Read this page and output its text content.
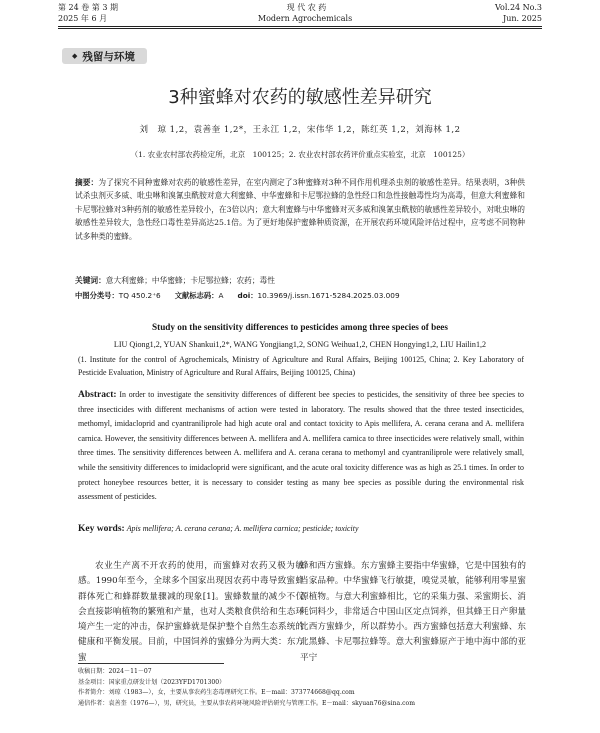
第 24 卷 第 3 期	现 代 农 药	Vol.24 No.3
2025 年 6 月	Modern Agrochemicals	Jun. 2025
◆ 残留与环境
3种蜜蜂对农药的敏感性差异研究
刘　琼 1,2，袁善奎 1,2*，王永江 1,2，宋伟华 1,2，陈红英 1,2，刘海林 1,2
（1. 农业农村部农药检定所，北京　100125；2. 农业农村部农药评价重点实验室，北京　100125）
摘要：为了探究不同种蜜蜂对农药的敏感性差异，在室内测定了3种蜜蜂对3种不同作用机理杀虫剂的敏感性差异。结果表明，3种供试杀虫剂灭多威、吡虫啉和溴氰虫酰胺对意大利蜜蜂、中华蜜蜂和卡尼鄂拉蜂的急性经口和急性接触毒性均为高毒，但意大利蜜蜂和卡尼鄂拉蜂对3种药剂的敏感性差异较小，在3倍以内；意大利蜜蜂与中华蜜蜂对灭多威和溴氰虫酰胺的敏感性差异较小，对吡虫啉的敏感性差异较大，急性经口毒性差异高达25.1倍。为了更好地保护蜜蜂种质资源，在开展农药环境风险评估过程中，应考虑不同物种试多种类的蜜蜂。
关键词：意大利蜜蜂；中华蜜蜂；卡尼鄂拉蜂；农药；毒性
中图分类号：TQ 450.2⁺6 文献标志码：A doi：10.3969/j.issn.1671-5284.2025.03.009
Study on the sensitivity differences to pesticides among three species of bees
LIU Qiong1,2, YUAN Shankui1,2*, WANG Yongjiang1,2, SONG Weihua1,2, CHEN Hongying1,2, LIU Hailin1,2
(1. Institute for the control of Agrochemicals, Ministry of Agriculture and Rural Affairs, Beijing 100125, China; 2. Key Laboratory of Pesticide Evaluation, Ministry of Agriculture and Rural Affairs, Beijing 100125, China)
Abstract: In order to investigate the sensitivity differences of different bee species to pesticides, the sensitivity of three bee species to three insecticides with different mechanisms of action were tested in laboratory. The results showed that the three tested insecticides, methomyl, imidacloprid and cyantraniliprole had high acute oral and contact toxicity to Apis mellifera, A. cerana cerana and A. mellifera carnica. However, the sensitivity differences between A. mellifera and A. mellifera carnica to three insecticides were relatively small, within three times. The sensitivity differences between A. mellifera and A. cerana cerana to methomyl and cyantraniliprole were relatively small, while the sensitivity differences to imidacloprid were significant, and the acute oral toxicity difference was as high as 25.1 times. In order to protect honeybee resources better, it is necessary to consider testing as many bee species as possible during the environmental risk assessment of pesticides.
Key words: Apis mellifera; A. cerana cerana; A. mellifera carnica; pesticide; toxicity

农业生产离不开农药的使用，而蜜蜂对农药又极为敏感。1990年至今，全球多个国家出现因农药中毒导致蜜蜂群体死亡和蜂群数量骤减的现象[1]。蜜蜂数量的减少不仅会直接影响植物的繁殖和产量，也对人类粮食供给和生态环境产生一定的冲击，保护蜜蜂就是保护整个自然生态系统的健康和平衡发展。目前，中国饲养的蜜蜂分为两大类：东方蜜

蜂和西方蜜蜂。东方蜜蜂主要指中华蜜蜂，它是中国独有的当家品种。中华蜜蜂飞行敏捷，嗅觉灵敏，能够利用零星蜜源植物。与意大利蜜蜂相比，它的采集力强、采蜜期长、消耗饲料少，非常适合中国山区定点饲养，但其蜂王日产卵量比西方蜜蜂少，所以群势小。西方蜜蜂包括意大利蜜蜂、东北黑蜂、卡尼鄂拉蜂等。意大利蜜蜂原产于地中海中部的亚平宁

收稿日期：2024－11－07
基金项目：国家重点研发计划（2023YFD1701300）
作者简介：刘琼（1983—），女，主要从事农药生态毒理研究工作。E－mail：373774668@qq.com
通信作者：袁善奎（1976—），男，研究员，主要从事农药环境风险评估研究与管理工作。E－mail：skyuan76@sina.com
